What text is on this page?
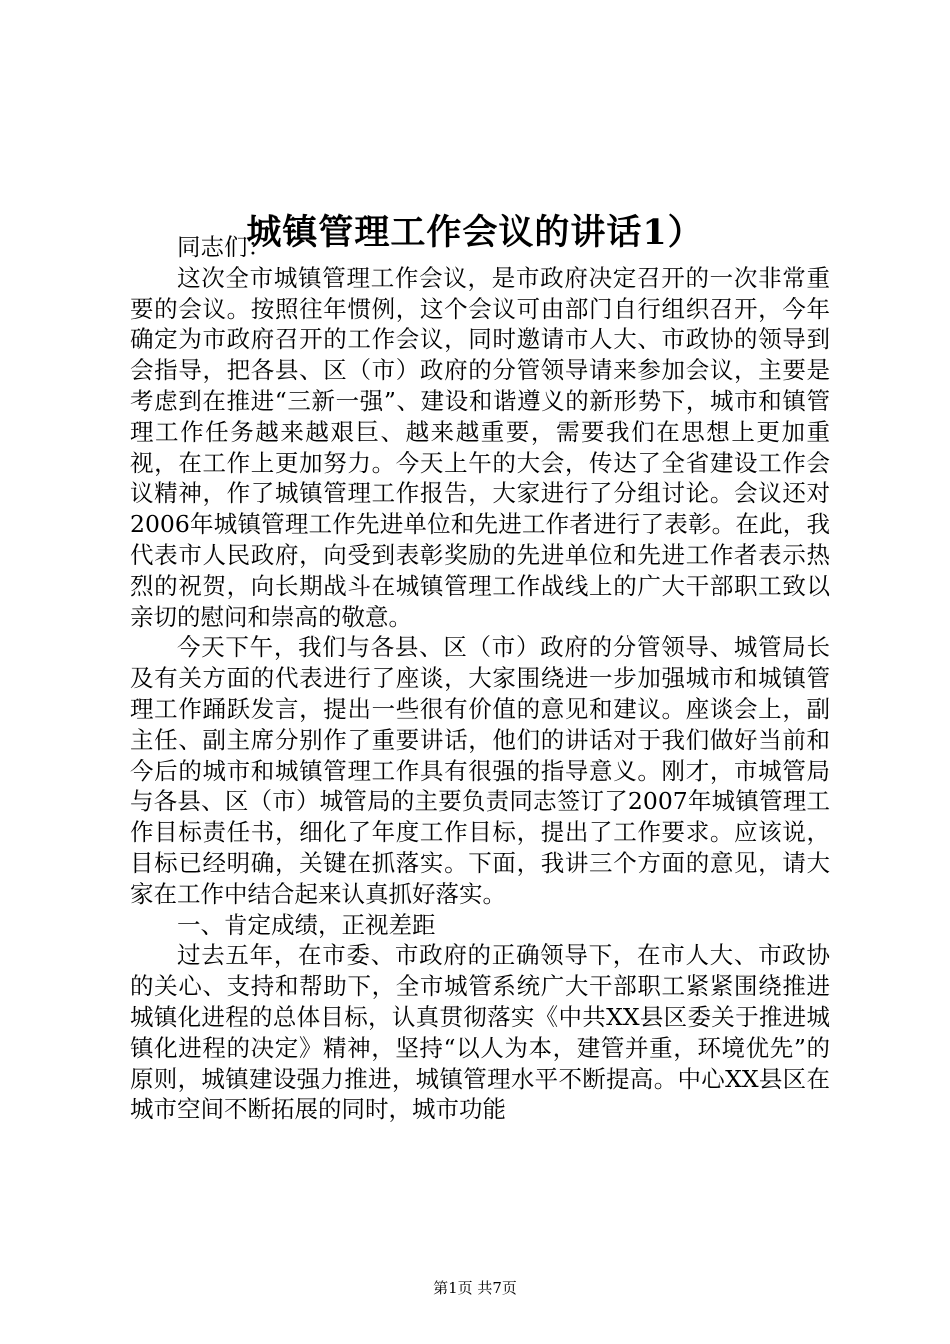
城镇管理工作会议的讲话1）

同志们：

这次全市城镇管理工作会议，是市政府决定召开的一次非常重要的会议。按照往年惯例，这个会议可由部门自行组织召开，今年确定为市政府召开的工作会议，同时邀请市人大、市政协的领导到会指导，把各县、区（市）政府的分管领导请来参加会议，主要是考虑到在推进“三新一强”、建设和谐遵义的新形势下，城市和镇管理工作任务越来越艰巨、越来越重要，需要我们在思想上更加重视，在工作上更加努力。今天上午的大会，传达了全省建设工作会议精神，作了城镇管理工作报告，大家进行了分组讨论。会议还对2006年城镇管理工作先进单位和先进工作者进行了表彰。在此，我代表市人民政府，向受到表彰奖励的先进单位和先进工作者表示热烈的祝贺，向长期战斗在城镇管理工作战线上的广大干部职工致以亲切的慰问和崇高的敬意。

今天下午，我们与各县、区（市）政府的分管领导、城管局长及有关方面的代表进行了座谈，大家围绕进一步加强城市和城镇管理工作踊跃发言，提出一些很有价值的意见和建议。座谈会上，副主任、副主席分别作了重要讲话，他们的讲话对于我们做好当前和今后的城市和城镇管理工作具有很强的指导意义。刚才，市城管局与各县、区（市）城管局的主要负责同志签订了2007年城镇管理工作目标责任书，细化了年度工作目标，提出了工作要求。应该说，目标已经明确，关键在抓落实。下面，我讲三个方面的意见，请大家在工作中结合起来认真抓好落实。

一、肯定成绩，正视差距

过去五年，在市委、市政府的正确领导下，在市人大、市政协的关心、支持和帮助下，全市城管系统广大干部职工紧紧围绕推进城镇化进程的总体目标，认真贯彻落实《中共XX县区委关于推进城镇化进程的决定》精神，坚持“以人为本，建管并重，环境优先”的原则，城镇建设强力推进，城镇管理水平不断提高。中心XX县区在城市空间不断拓展的同时，城市功能

第1页 共7页
